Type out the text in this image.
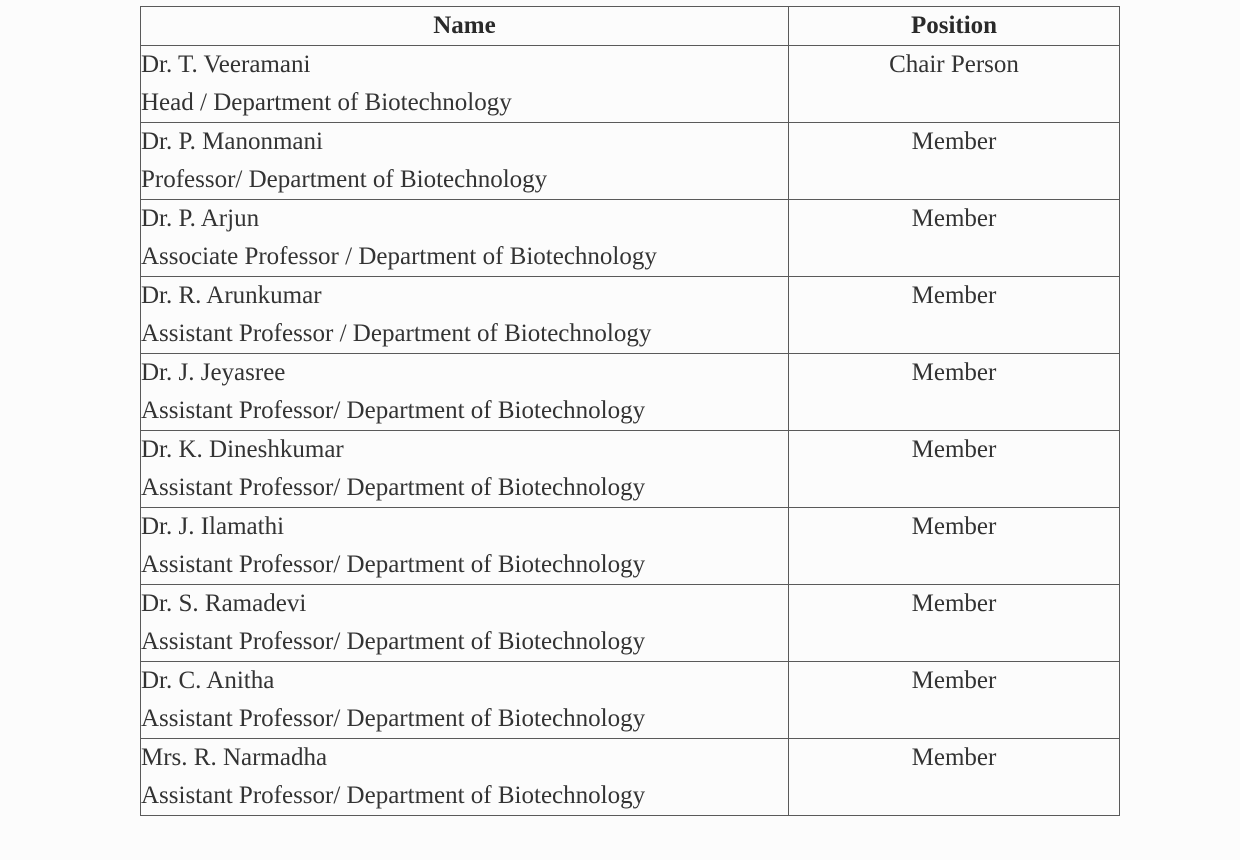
Name	Position

Dr. T. Veeramani
Head / Department of Biotechnology	Chair Person

Dr. P. Manonmani
Professor/ Department of Biotechnology	Member

Dr. P. Arjun
Associate Professor / Department of Biotechnology	Member

Dr. R. Arunkumar
Assistant Professor / Department of Biotechnology	Member

Dr. J. Jeyasree
Assistant Professor/ Department of Biotechnology	Member

Dr. K. Dineshkumar
Assistant Professor/ Department of Biotechnology	Member

Dr. J. Ilamathi
Assistant Professor/ Department of Biotechnology	Member

Dr. S. Ramadevi
Assistant Professor/ Department of Biotechnology	Member

Dr. C. Anitha
Assistant Professor/ Department of Biotechnology	Member

Mrs. R. Narmadha
Assistant Professor/ Department of Biotechnology	Member
